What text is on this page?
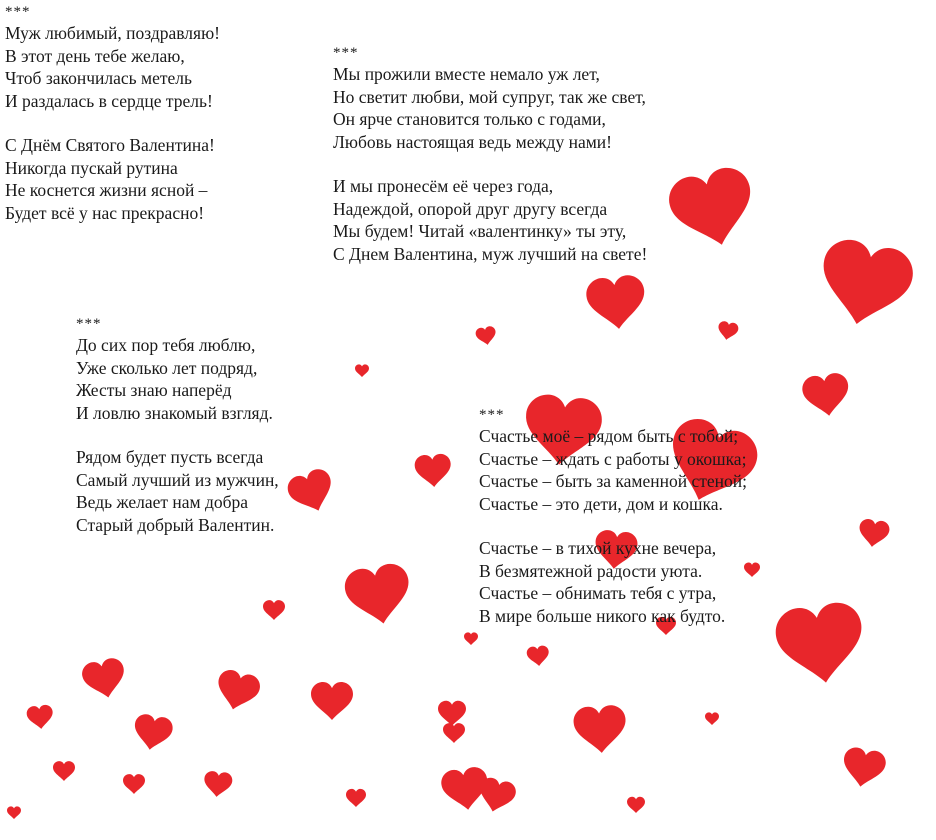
***
Муж любимый, поздравляю!
В этот день тебе желаю,
Чтоб закончилась метель
И раздалась в сердце трель!
С Днём Святого Валентина!
Никогда пускай рутина
Не коснется жизни ясной –
Будет всё у нас прекрасно!
***
Мы прожили вместе немало уж лет,
Но светит любви, мой супруг, так же свет,
Он ярче становится только с годами,
Любовь настоящая ведь между нами!
И мы пронесём её через года,
Надеждой, опорой друг другу всегда
Мы будем! Читай «валентинку» ты эту,
С Днем Валентина, муж лучший на свете!
***
До сих пор тебя люблю,
Уже сколько лет подряд,
Жесты знаю наперёд
И ловлю знакомый взгляд.
Рядом будет пусть всегда
Самый лучший из мужчин,
Ведь желает нам добра
Старый добрый Валентин.
***
Счастье моё – рядом быть с тобой;
Счастье – ждать с работы у окошка;
Счастье – быть за каменной стеной;
Счастье – это дети, дом и кошка.
Счастье – в тихой кухне вечера,
В безмятежной радости уюта.
Счастье – обнимать тебя с утра,
В мире больше никого как будто.
